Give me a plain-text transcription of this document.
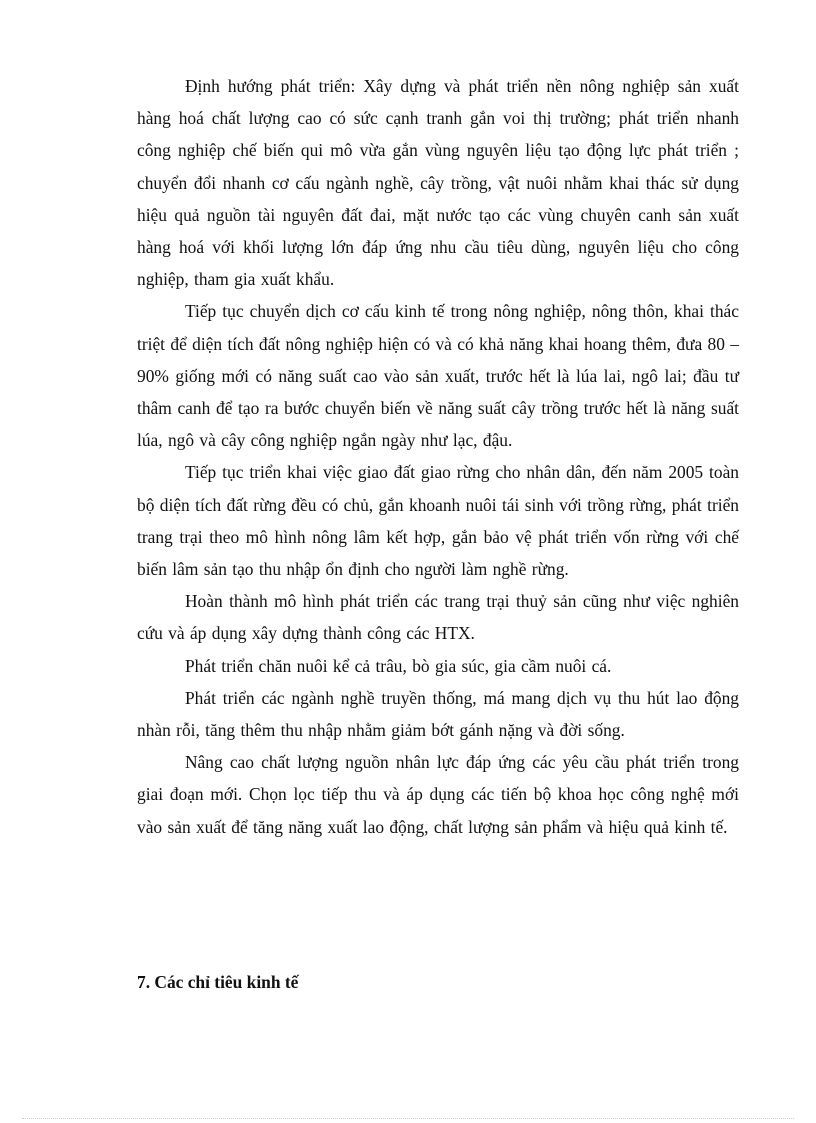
Định hướng phát triển: Xây dựng và phát triển nền nông nghiệp sản xuất hàng hoá chất lượng cao có sức cạnh tranh gắn voi thị trường; phát triển nhanh công nghiệp chế biến qui mô vừa gắn vùng nguyên liệu tạo động lực phát triển ; chuyển đổi nhanh cơ cấu ngành nghề, cây trồng, vật nuôi nhằm khai thác sử dụng hiệu quả nguồn tài nguyên đất đai, mặt nước tạo các vùng chuyên canh sản xuất hàng hoá với khối lượng lớn đáp ứng nhu cầu tiêu dùng, nguyên liệu cho công nghiệp, tham gia xuất khẩu.

Tiếp tục chuyển dịch cơ cấu kinh tế trong nông nghiệp, nông thôn, khai thác triệt để diện tích đất nông nghiệp hiện có và có khả năng khai hoang thêm, đưa 80 – 90% giống mới có năng suất cao vào sản xuất, trước hết là lúa lai, ngô lai; đầu tư thâm canh để tạo ra bước chuyển biến về năng suất cây trồng trước hết là năng suất lúa, ngô và cây công nghiệp ngắn ngày như lạc, đậu.

Tiếp tục triển khai việc giao đất giao rừng cho nhân dân, đến năm 2005 toàn bộ diện tích đất rừng đều có chủ, gắn khoanh nuôi tái sinh với trồng rừng, phát triển trang trại theo mô hình nông lâm kết hợp, gắn bảo vệ phát triển vốn rừng với chế biến lâm sản tạo thu nhập ổn định cho người làm nghề rừng.

Hoàn thành mô hình phát triển các trang trại thuỷ sản cũng như việc nghiên cứu và áp dụng xây dựng thành công các HTX.

Phát triển chăn nuôi kể cả trâu, bò gia súc, gia cầm nuôi cá.

Phát triển các ngành nghề truyền thống, má mang dịch vụ thu hút lao động nhàn rỗi, tăng thêm thu nhập nhằm giảm bớt gánh nặng và đời sống.

Nâng cao chất lượng nguồn nhân lực đáp ứng các yêu cầu phát triển trong giai đoạn mới. Chọn lọc tiếp thu và áp dụng các tiến bộ khoa học công nghệ mới vào sản xuất để tăng năng xuất lao động, chất lượng sản phẩm và hiệu quả kinh tế.

7. Các chỉ tiêu kinh tế
